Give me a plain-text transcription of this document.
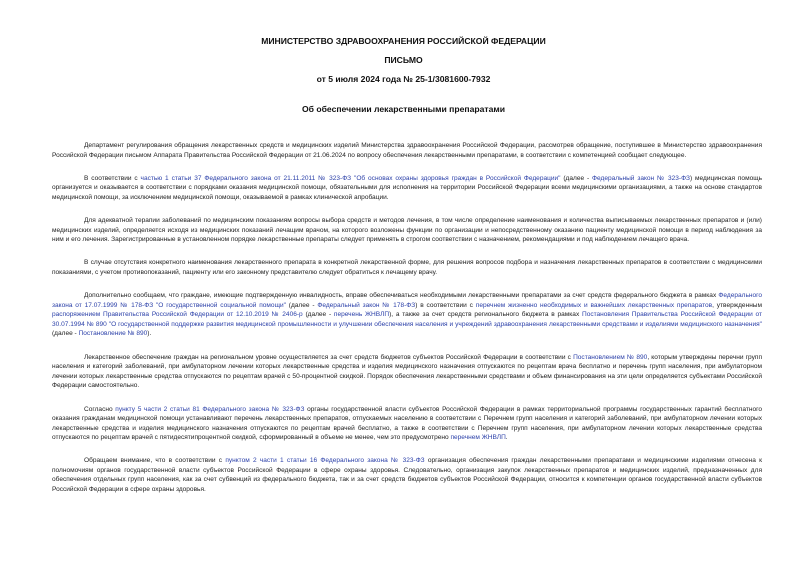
МИНИСТЕРСТВО ЗДРАВООХРАНЕНИЯ РОССИЙСКОЙ ФЕДЕРАЦИИ
ПИСЬМО
от 5 июля 2024 года № 25-1/3081600-7932
Об обеспечении лекарственными препаратами

Департамент регулирования обращения лекарственных средств и медицинских изделий Министерства здравоохранения Российской Федерации, рассмотрев обращение, поступившее в Министерство здравоохранения Российской Федерации письмом Аппарата Правительства Российской Федерации от 21.06.2024 по вопросу обеспечения лекарственными препаратами, в соответствии с компетенцией сообщает следующее.

В соответствии с частью 1 статьи 37 Федерального закона от 21.11.2011 № 323-ФЗ "Об основах охраны здоровья граждан в Российской Федерации" (далее - Федеральный закон № 323-ФЗ) медицинская помощь организуется и оказывается в соответствии с порядками оказания медицинской помощи, обязательными для исполнения на территории Российской Федерации всеми медицинскими организациями, а также на основе стандартов медицинской помощи, за исключением медицинской помощи, оказываемой в рамках клинической апробации.

Для адекватной терапии заболеваний по медицинским показаниям вопросы выбора средств и методов лечения, в том числе определение наименования и количества выписываемых лекарственных препаратов и (или) медицинских изделий, определяется исходя из медицинских показаний лечащим врачом, на которого возложены функции по организации и непосредственному оказанию пациенту медицинской помощи в период наблюдения за ним и его лечения. Зарегистрированные в установленном порядке лекарственные препараты следует применять в строгом соответствии с назначением, рекомендациями и под наблюдением лечащего врача.

В случае отсутствия конкретного наименования лекарственного препарата в конкретной лекарственной форме, для решения вопросов подбора и назначения лекарственных препаратов в соответствии с медицинскими показаниями, с учетом противопоказаний, пациенту или его законному представителю следует обратиться к лечащему врачу.

Дополнительно сообщаем, что граждане, имеющие подтвержденную инвалидность, вправе обеспечиваться необходимыми лекарственными препаратами за счет средств федерального бюджета в рамках Федерального закона от 17.07.1999 № 178-ФЗ "О государственной социальной помощи" (далее - Федеральный закон № 178-ФЗ) в соответствии с перечнем жизненно необходимых и важнейших лекарственных препаратов, утвержденным распоряжением Правительства Российской Федерации от 12.10.2019 № 2406-р (далее - перечень ЖНВЛП), а также за счет средств регионального бюджета в рамках Постановления Правительства Российской Федерации от 30.07.1994 № 890 "О государственной поддержке развития медицинской промышленности и улучшении обеспечения населения и учреждений здравоохранения лекарственными средствами и изделиями медицинского назначения" (далее - Постановление № 890).

Лекарственное обеспечение граждан на региональном уровне осуществляется за счет средств бюджетов субъектов Российской Федерации в соответствии с Постановлением № 890, которым утверждены перечни групп населения и категорий заболеваний, при амбулаторном лечении которых лекарственные средства и изделия медицинского назначения отпускаются по рецептам врача бесплатно и перечень групп населения, при амбулаторном лечении которых лекарственные средства отпускаются по рецептам врачей с 50-процентной скидкой. Порядок обеспечения лекарственными средствами и объем финансирования на эти цели определяется субъектами Российской Федерации самостоятельно.

Согласно пункту 5 части 2 статьи 81 Федерального закона № 323-ФЗ органы государственной власти субъектов Российской Федерации в рамках территориальной программы государственных гарантий бесплатного оказания гражданам медицинской помощи устанавливают перечень лекарственных препаратов, отпускаемых населению в соответствии с Перечнем групп населения и категорий заболеваний, при амбулаторном лечении которых лекарственные средства и изделия медицинского назначения отпускаются по рецептам врачей бесплатно, а также в соответствии с Перечнем групп населения, при амбулаторном лечении которых лекарственные средства отпускаются по рецептам врачей с пятидесятипроцентной скидкой, сформированный в объеме не менее, чем это предусмотрено перечнем ЖНВЛП.

Обращаем внимание, что в соответствии с пунктом 2 части 1 статьи 16 Федерального закона № 323-ФЗ организация обеспечения граждан лекарственными препаратами и медицинскими изделиями отнесена к полномочиям органов государственной власти субъектов Российской Федерации в сфере охраны здоровья. Следовательно, организация закупок лекарственных препаратов и медицинских изделий, предназначенных для обеспечения отдельных групп населения, как за счет субвенций из федерального бюджета, так и за счет средств бюджетов субъектов Российской Федерации, относится к компетенции органов государственной власти субъектов Российской Федерации в сфере охраны здоровья.
